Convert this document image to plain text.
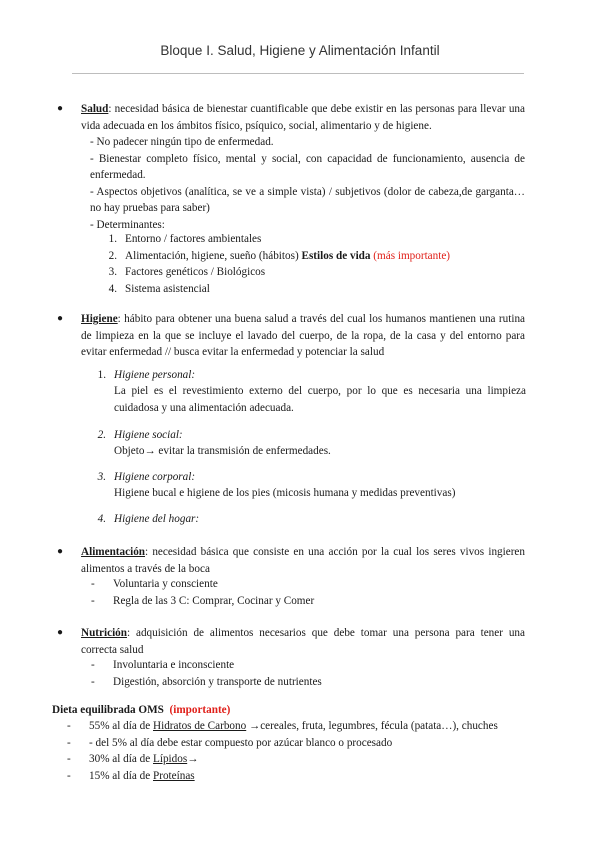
Bloque I. Salud, Higiene y Alimentación Infantil
● Salud: necesidad básica de bienestar cuantificable que debe existir en las personas para llevar una vida adecuada en los ámbitos físico, psíquico, social, alimentario y de higiene.
- No padecer ningún tipo de enfermedad.
- Bienestar completo físico, mental y social, con capacidad de funcionamiento, ausencia de enfermedad.
- Aspectos objetivos (analítica, se ve a simple vista) / subjetivos (dolor de cabeza,de garganta… no hay pruebas para saber)
- Determinantes:
1. Entorno / factores ambientales
2. Alimentación, higiene, sueño (hábitos) Estilos de vida (más importante)
3. Factores genéticos / Biológicos
4. Sistema asistencial
● Higiene: hábito para obtener una buena salud a través del cual los humanos mantienen una rutina de limpieza en la que se incluye el lavado del cuerpo, de la ropa, de la casa y del entorno para evitar enfermedad // busca evitar la enfermedad y potenciar la salud
1. Higiene personal:
La piel es el revestimiento externo del cuerpo, por lo que es necesaria una limpieza cuidadosa y una alimentación adecuada.
2. Higiene social:
Objeto→ evitar la transmisión de enfermedades.
3. Higiene corporal:
Higiene bucal e higiene de los pies (micosis humana y medidas preventivas)
4. Higiene del hogar:
● Alimentación: necesidad básica que consiste en una acción por la cual los seres vivos ingieren alimentos a través de la boca
- Voluntaria y consciente
- Regla de las 3 C: Comprar, Cocinar y Comer
● Nutrición: adquisición de alimentos necesarios que debe tomar una persona para tener una correcta salud
- Involuntaria e inconsciente
- Digestión, absorción y transporte de nutrientes
Dieta equilibrada OMS (importante)
- 55% al día de Hidratos de Carbono →cereales, fruta, legumbres, fécula (patata…), chuches
- - del 5% al día debe estar compuesto por azúcar blanco o procesado
- 30% al día de Lípidos→
- 15% al día de Proteínas
